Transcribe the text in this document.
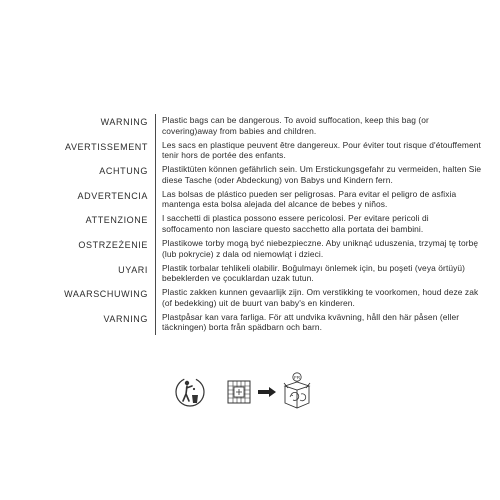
WARNING	Plastic bags can be dangerous. To avoid suffocation, keep this bag (or covering)away from babies and children.
AVERTISSEMENT	Les sacs en plastique peuvent être dangereux. Pour éviter tout risque d'étouffement tenir hors de portée des enfants.
ACHTUNG	Plastiktüten können gefährlich sein. Um Erstickungsgefahr zu vermeiden, halten Sie diese Tasche (oder Abdeckung) von Babys und Kindern fern.
ADVERTENCIA	Las bolsas de plástico pueden ser peligrosas. Para evitar el peligro de asfixia mantenga esta bolsa alejada del alcance de bebes y niños.
ATTENZIONE	I sacchetti di plastica possono essere pericolosi. Per evitare pericoli di soffocamento non lasciare questo sacchetto alla portata dei bambini.
OSTRZEŻENIE	Plastikowe torby mogą być niebezpieczne. Aby uniknąć uduszenia, trzymaj tę torbę (lub pokrycie) z dala od niemowląt i dzieci.
UYARI	Plastik torbalar tehlikeli olabilir. Boğulmayı önlemek için, bu poşeti (veya örtüyü) bebeklerden ve çocuklardan uzak tutun.
WAARSCHUWING	Plastic zakken kunnen gevaarlijk zijn. Om verstikking te voorkomen, houd deze zak (of bedekking) uit de buurt van baby's en kinderen.
VARNING	Plastpåsar kan vara farliga. För att undvika kvävning, håll den här påsen (eller täckningen) borta från spädbarn och barn.
FR
